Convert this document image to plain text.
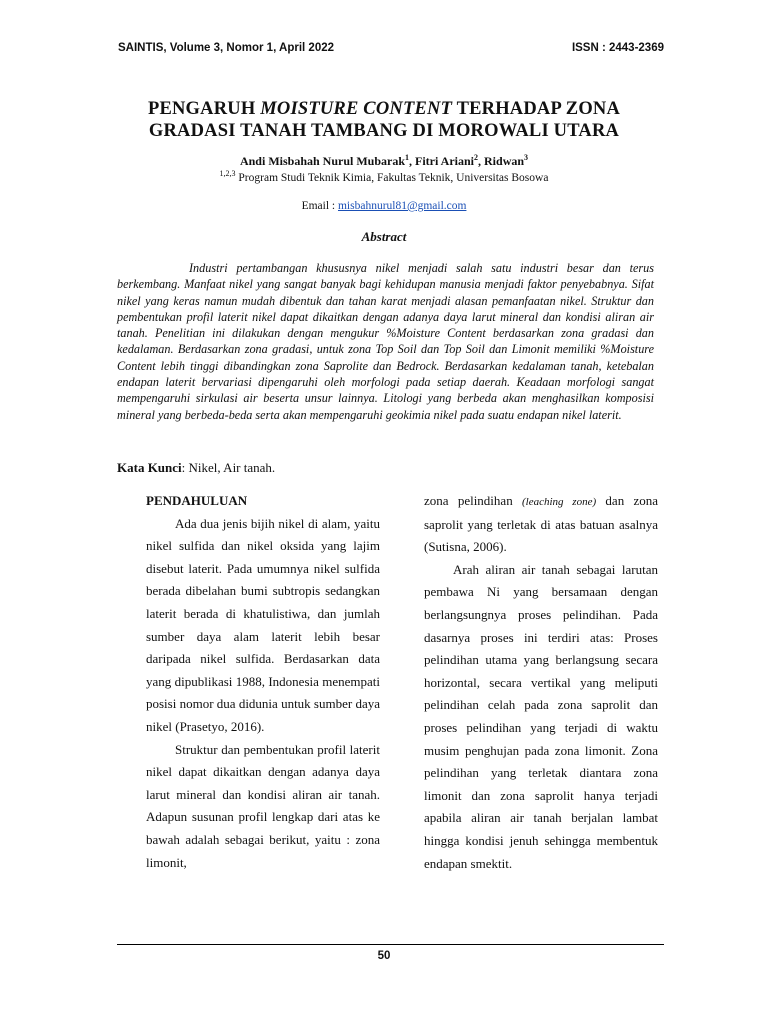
SAINTIS, Volume 3, Nomor 1, April 2022	ISSN : 2443-2369
PENGARUH MOISTURE CONTENT TERHADAP ZONA
GRADASI TANAH TAMBANG DI MOROWALI UTARA
Andi Misbahah Nurul Mubarak$^1$, Fitri Ariani$^2$, Ridwan$^3$
$^{1,2,3}$ Program Studi Teknik Kimia, Fakultas Teknik, Universitas Bosowa
Email : misbahnurul81@gmail.com
Abstract
Industri pertambangan khususnya nikel menjadi salah satu industri besar dan terus berkembang. Manfaat nikel yang sangat banyak bagi kehidupan manusia menjadi faktor penyebabnya. Sifat nikel yang keras namun mudah dibentuk dan tahan karat menjadi alasan pemanfaatan nikel. Struktur dan pembentukan profil laterit nikel dapat dikaitkan dengan adanya daya larut mineral dan kondisi aliran air tanah. Penelitian ini dilakukan dengan mengukur %Moisture Content berdasarkan zona gradasi dan kedalaman. Berdasarkan zona gradasi, untuk zona Top Soil dan Top Soil dan Limonit memiliki %Moisture Content lebih tinggi dibandingkan zona Saprolite dan Bedrock. Berdasarkan kedalaman tanah, ketebalan endapan laterit bervariasi dipengaruhi oleh morfologi pada setiap daerah. Keadaan morfologi sangat mempengaruhi sirkulasi air beserta unsur lainnya. Litologi yang berbeda akan menghasilkan komposisi mineral yang berbeda-beda serta akan mempengaruhi geokimia nikel pada suatu endapan nikel laterit.
Kata Kunci: Nikel, Air tanah.

PENDAHULUAN

Ada dua jenis bijih nikel di alam, yaitu nikel sulfida dan nikel oksida yang lajim disebut laterit. Pada umumnya nikel sulfida berada dibelahan bumi subtropis sedangkan laterit berada di khatulistiwa, dan jumlah sumber daya alam laterit lebih besar daripada nikel sulfida. Berdasarkan data yang dipublikasi 1988, Indonesia menempati posisi nomor dua didunia untuk sumber daya nikel (Prasetyo, 2016).

Struktur dan pembentukan profil laterit nikel dapat dikaitkan dengan adanya daya larut mineral dan kondisi aliran air tanah. Adapun susunan profil lengkap dari atas ke bawah adalah sebagai berikut, yaitu : zona limonit,

zona pelindihan (leaching zone) dan zona saprolit yang terletak di atas batuan asalnya (Sutisna, 2006).

Arah aliran air tanah sebagai larutan pembawa Ni yang bersamaan dengan berlangsungnya proses pelindihan. Pada dasarnya proses ini terdiri atas: Proses pelindihan utama yang berlangsung secara horizontal, secara vertikal yang meliputi pelindihan celah pada zona saprolit dan proses pelindihan yang terjadi di waktu musim penghujan pada zona limonit. Zona pelindihan yang terletak diantara zona limonit dan zona saprolit hanya terjadi apabila aliran air tanah berjalan lambat hingga kondisi jenuh sehingga membentuk endapan smektit.

50
